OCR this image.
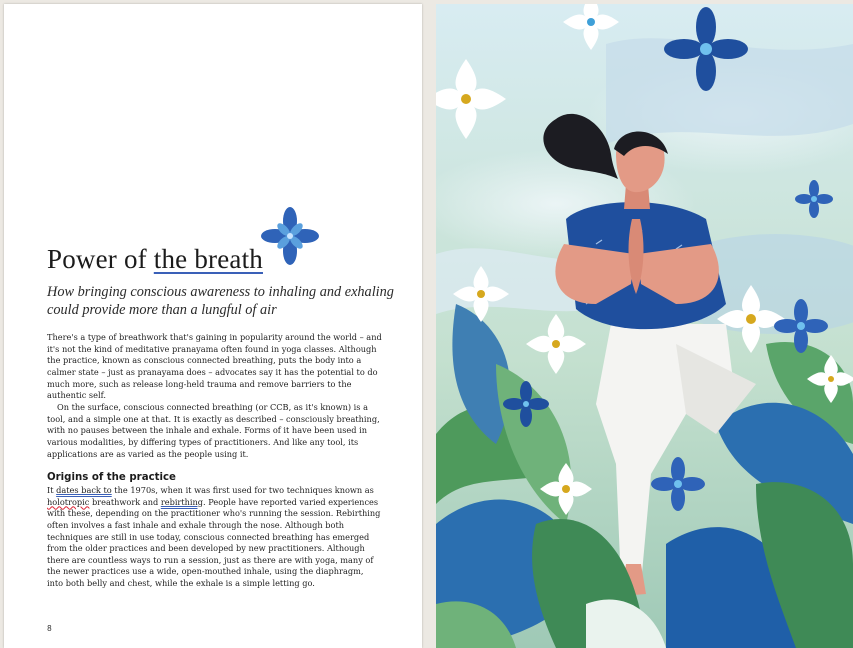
Power of the breath

How bringing conscious awareness to inhaling and exhaling could provide more than a lungful of air

There's a type of breathwork that's gaining in popularity around the world – and it's not the kind of meditative pranayama often found in yoga classes. Although the practice, known as conscious connected breathing, puts the body into a calmer state – just as pranayama does – advocates say it has the potential to do much more, such as release long-held trauma and remove barriers to the authentic self.

On the surface, conscious connected breathing (or CCB, as it's known) is a tool, and a simple one at that. It is exactly as described – consciously breathing, with no pauses between the inhale and exhale. Forms of it have been used in various modalities, by differing types of practitioners. And like any tool, its applications are as varied as the people using it.

Origins of the practice

It dates back to the 1970s, when it was first used for two techniques known as holotropic breathwork and rebirthing. People have reported varied experiences with these, depending on the practitioner who's running the session. Rebirthing often involves a fast inhale and exhale through the nose. Although both techniques are still in use today, conscious connected breathing has emerged from the older practices and been developed by new practitioners. Although there are countless ways to run a session, just as there are with yoga, many of the newer practices use a wide, open-mouthed inhale, using the diaphragm, into both belly and chest, while the exhale is a simple letting go.

8
